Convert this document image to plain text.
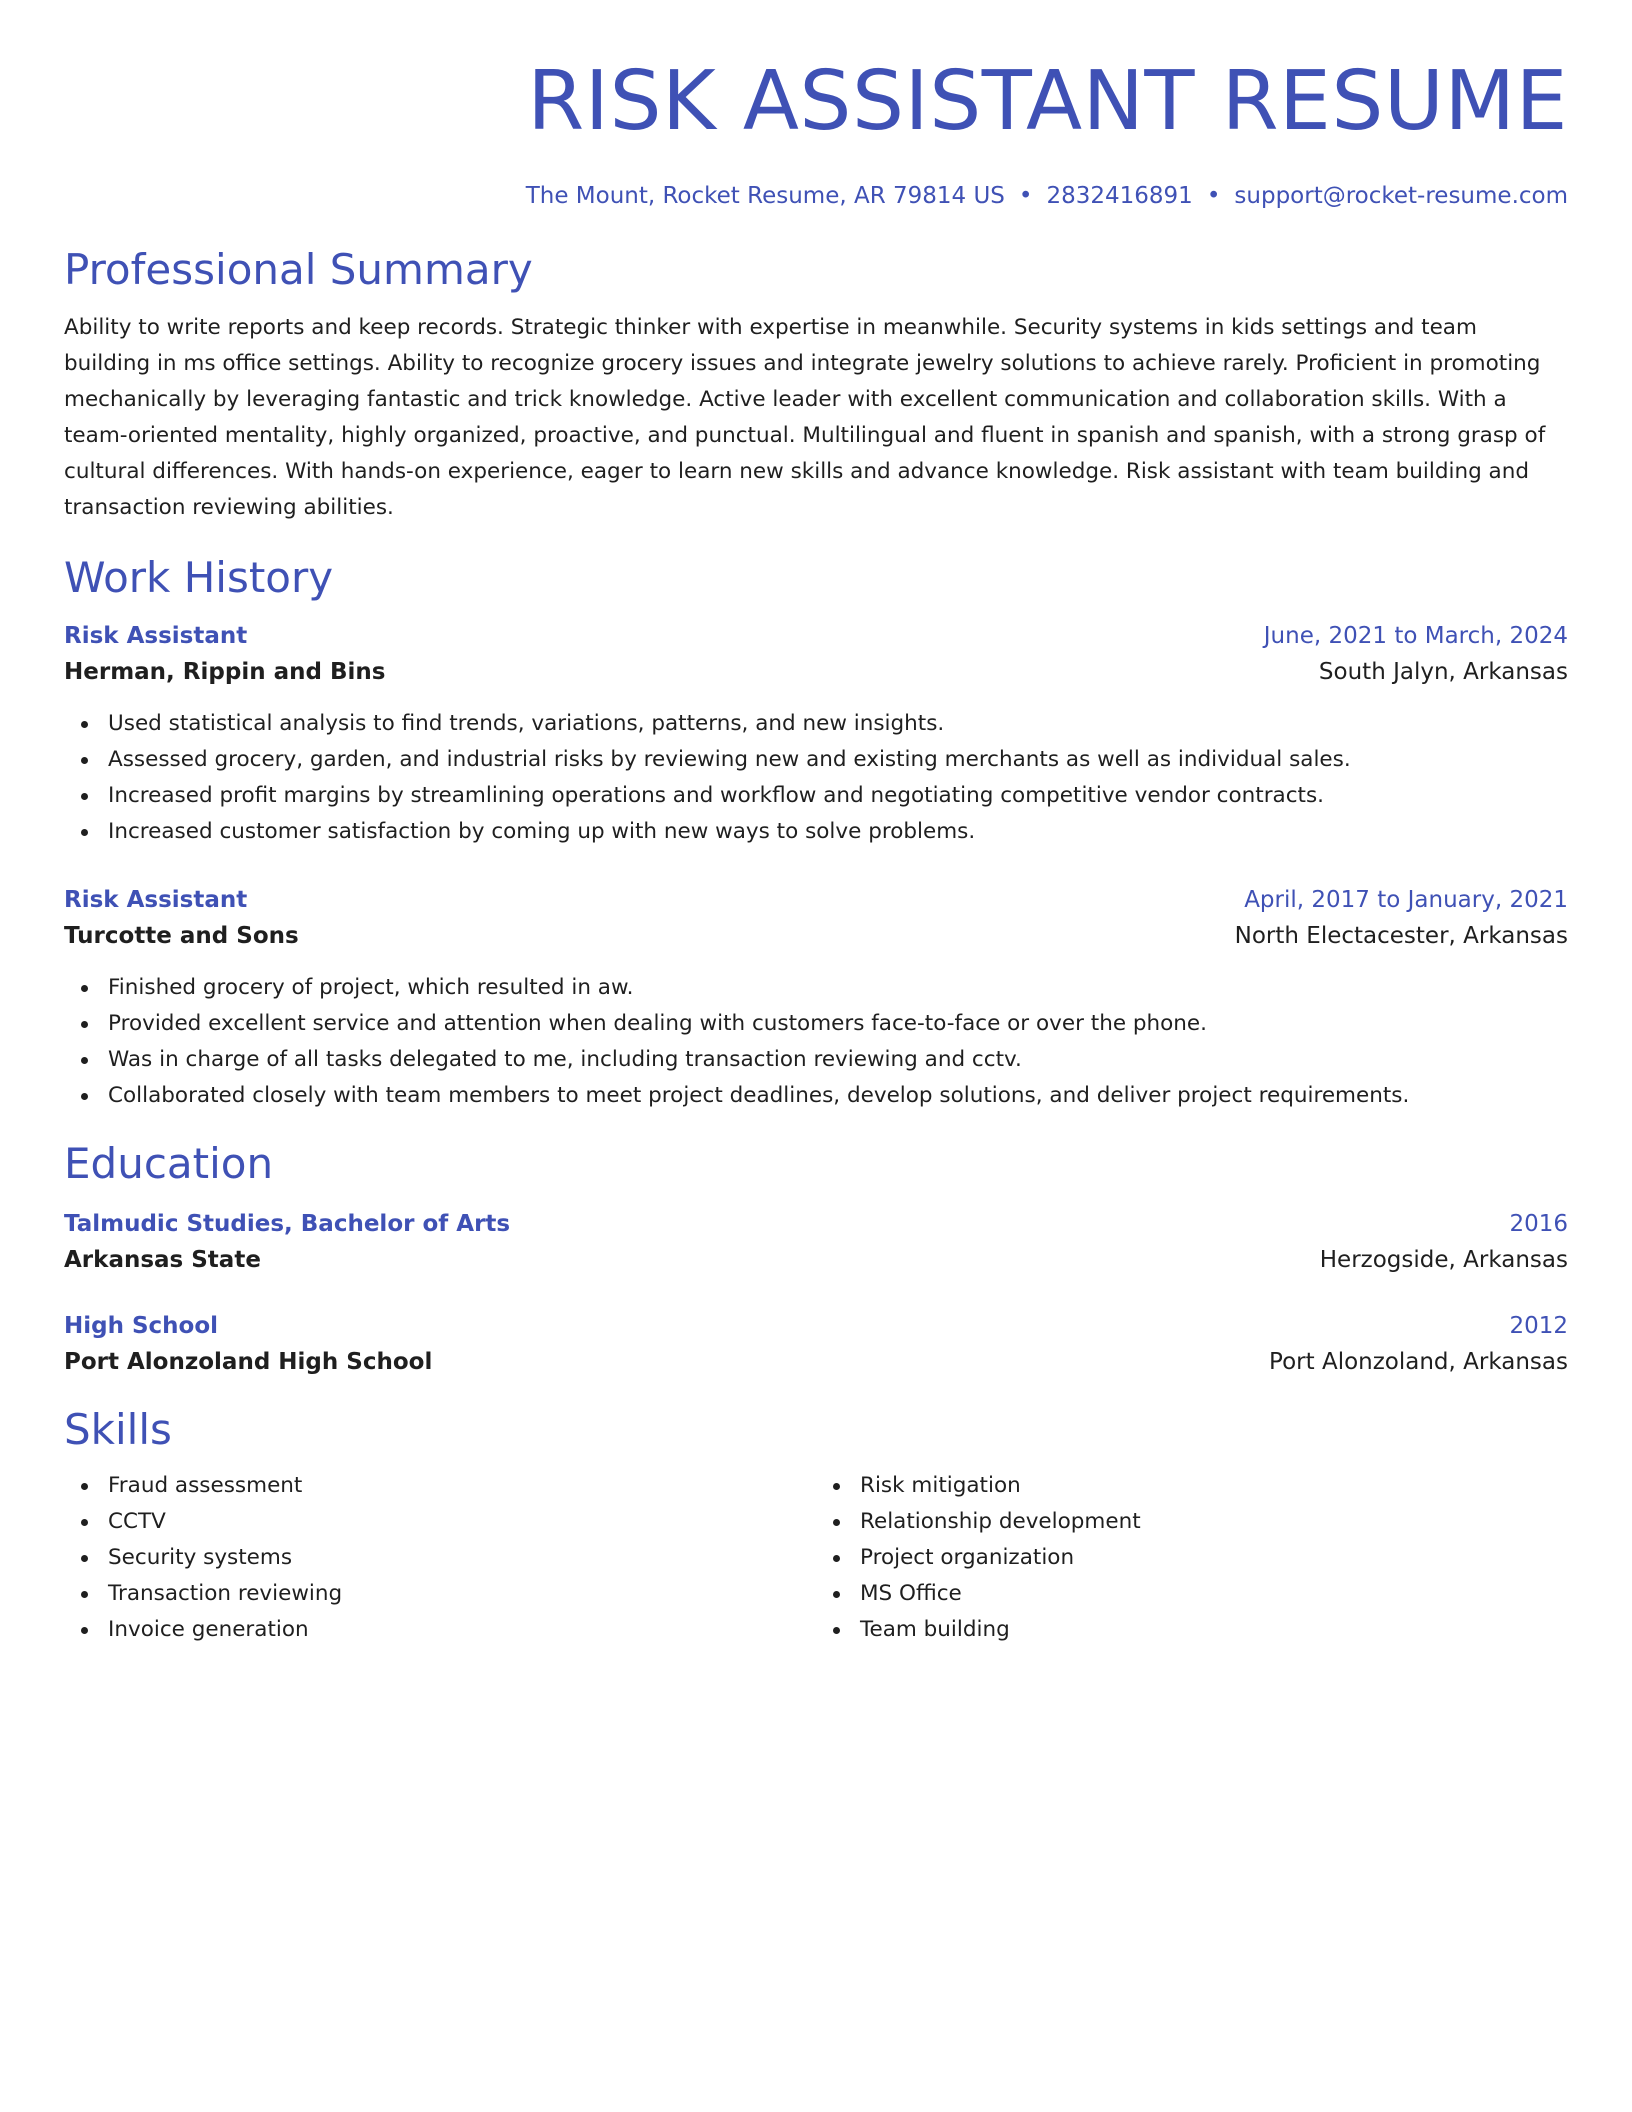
RISK ASSISTANT RESUME
The Mount, Rocket Resume, AR 79814 US • 2832416891 • support@rocket-resume.com
Professional Summary

Ability to write reports and keep records. Strategic thinker with expertise in meanwhile. Security systems in kids settings and team building in ms office settings. Ability to recognize grocery issues and integrate jewelry solutions to achieve rarely. Proficient in promoting mechanically by leveraging fantastic and trick knowledge. Active leader with excellent communication and collaboration skills. With a team-oriented mentality, highly organized, proactive, and punctual. Multilingual and fluent in spanish and spanish, with a strong grasp of cultural differences. With hands-on experience, eager to learn new skills and advance knowledge. Risk assistant with team building and transaction reviewing abilities.

Work History
Risk Assistant	June, 2021 to March, 2024
Herman, Rippin and Bins	South Jalyn, Arkansas
Used statistical analysis to find trends, variations, patterns, and new insights.
Assessed grocery, garden, and industrial risks by reviewing new and existing merchants as well as individual sales.
Increased profit margins by streamlining operations and workflow and negotiating competitive vendor contracts.
Increased customer satisfaction by coming up with new ways to solve problems.
Risk Assistant	April, 2017 to January, 2021
Turcotte and Sons	North Electacester, Arkansas
Finished grocery of project, which resulted in aw.
Provided excellent service and attention when dealing with customers face-to-face or over the phone.
Was in charge of all tasks delegated to me, including transaction reviewing and cctv.
Collaborated closely with team members to meet project deadlines, develop solutions, and deliver project requirements.
Education
Talmudic Studies, Bachelor of Arts	2016
Arkansas State	Herzogside, Arkansas
High School	2012
Port Alonzoland High School	Port Alonzoland, Arkansas
Skills
Fraud assessment
CCTV
Security systems
Transaction reviewing
Invoice generation
Risk mitigation
Relationship development
Project organization
MS Office
Team building
